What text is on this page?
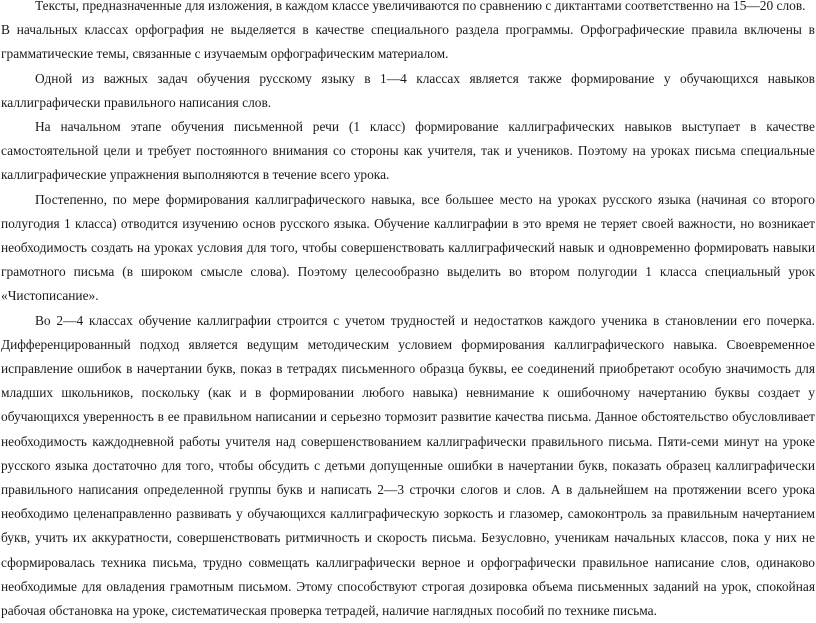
Тексты, предназначенные для изложения, в каждом классе увеличиваются по сравнению с диктантами соответственно на 15—20 слов.

В начальных классах орфография не выделяется в качестве специального раздела программы. Орфографические правила включены в грамматические темы, связанные с изучаемым орфографическим материалом.

Одной из важных задач обучения русскому языку в 1—4 классах является также формирование у обучающихся навыков каллиграфически правильного написания слов.

На начальном этапе обучения письменной речи (1 класс) формирование каллиграфических навыков выступает в качестве самостоятельной цели и требует постоянного внимания со стороны как учителя, так и учеников. Поэтому на уроках письма специальные каллиграфические упражнения выполняются в течение всего урока.

Постепенно, по мере формирования каллиграфического навыка, все большее место на уроках русского языка (начиная со второго полугодия 1 класса) отводится изучению основ русского языка. Обучение каллиграфии в это время не теряет своей важности, но возникает необходимость создать на уроках условия для того, чтобы совершенствовать каллиграфический навык и одновременно формировать навыки грамотного письма (в широком смысле слова). Поэтому целесообразно выделить во втором полугодии 1 класса специальный урок «Чистописание».

Во 2—4 классах обучение каллиграфии строится с учетом трудностей и недостатков каждого ученика в становлении его почерка. Дифференцированный подход является ведущим методическим условием формирования каллиграфического навыка. Своевременное исправление ошибок в начертании букв, показ в тетрадях письменного образца буквы, ее соединений приобретают особую значимость для младших школьников, поскольку (как и в формировании любого навыка) невнимание к ошибочному начертанию буквы создает у обучающихся уверенность в ее правильном написании и серьезно тормозит развитие качества письма. Данное обстоятельство обусловливает необходимость каждодневной работы учителя над совершенствованием каллиграфически правильного письма. Пяти-семи минут на уроке русского языка достаточно для того, чтобы обсудить с детьми допущенные ошибки в начертании букв, показать образец каллиграфически правильного написания определенной группы букв и написать 2—3 строчки слогов и слов. А в дальнейшем на протяжении всего урока необходимо целенаправленно развивать у обучающихся каллиграфическую зоркость и глазомер, самоконтроль за правильным начертанием букв, учить их аккуратности, совершенствовать ритмичность и скорость письма. Безусловно, ученикам начальных классов, пока у них не сформировалась техника письма, трудно совмещать каллиграфически верное и орфографически правильное написание слов, одинаково необходимые для овладения грамотным письмом. Этому способствуют строгая дозировка объема письменных заданий на урок, спокойная рабочая обстановка на уроке, систематическая проверка тетрадей, наличие наглядных пособий по технике письма.
